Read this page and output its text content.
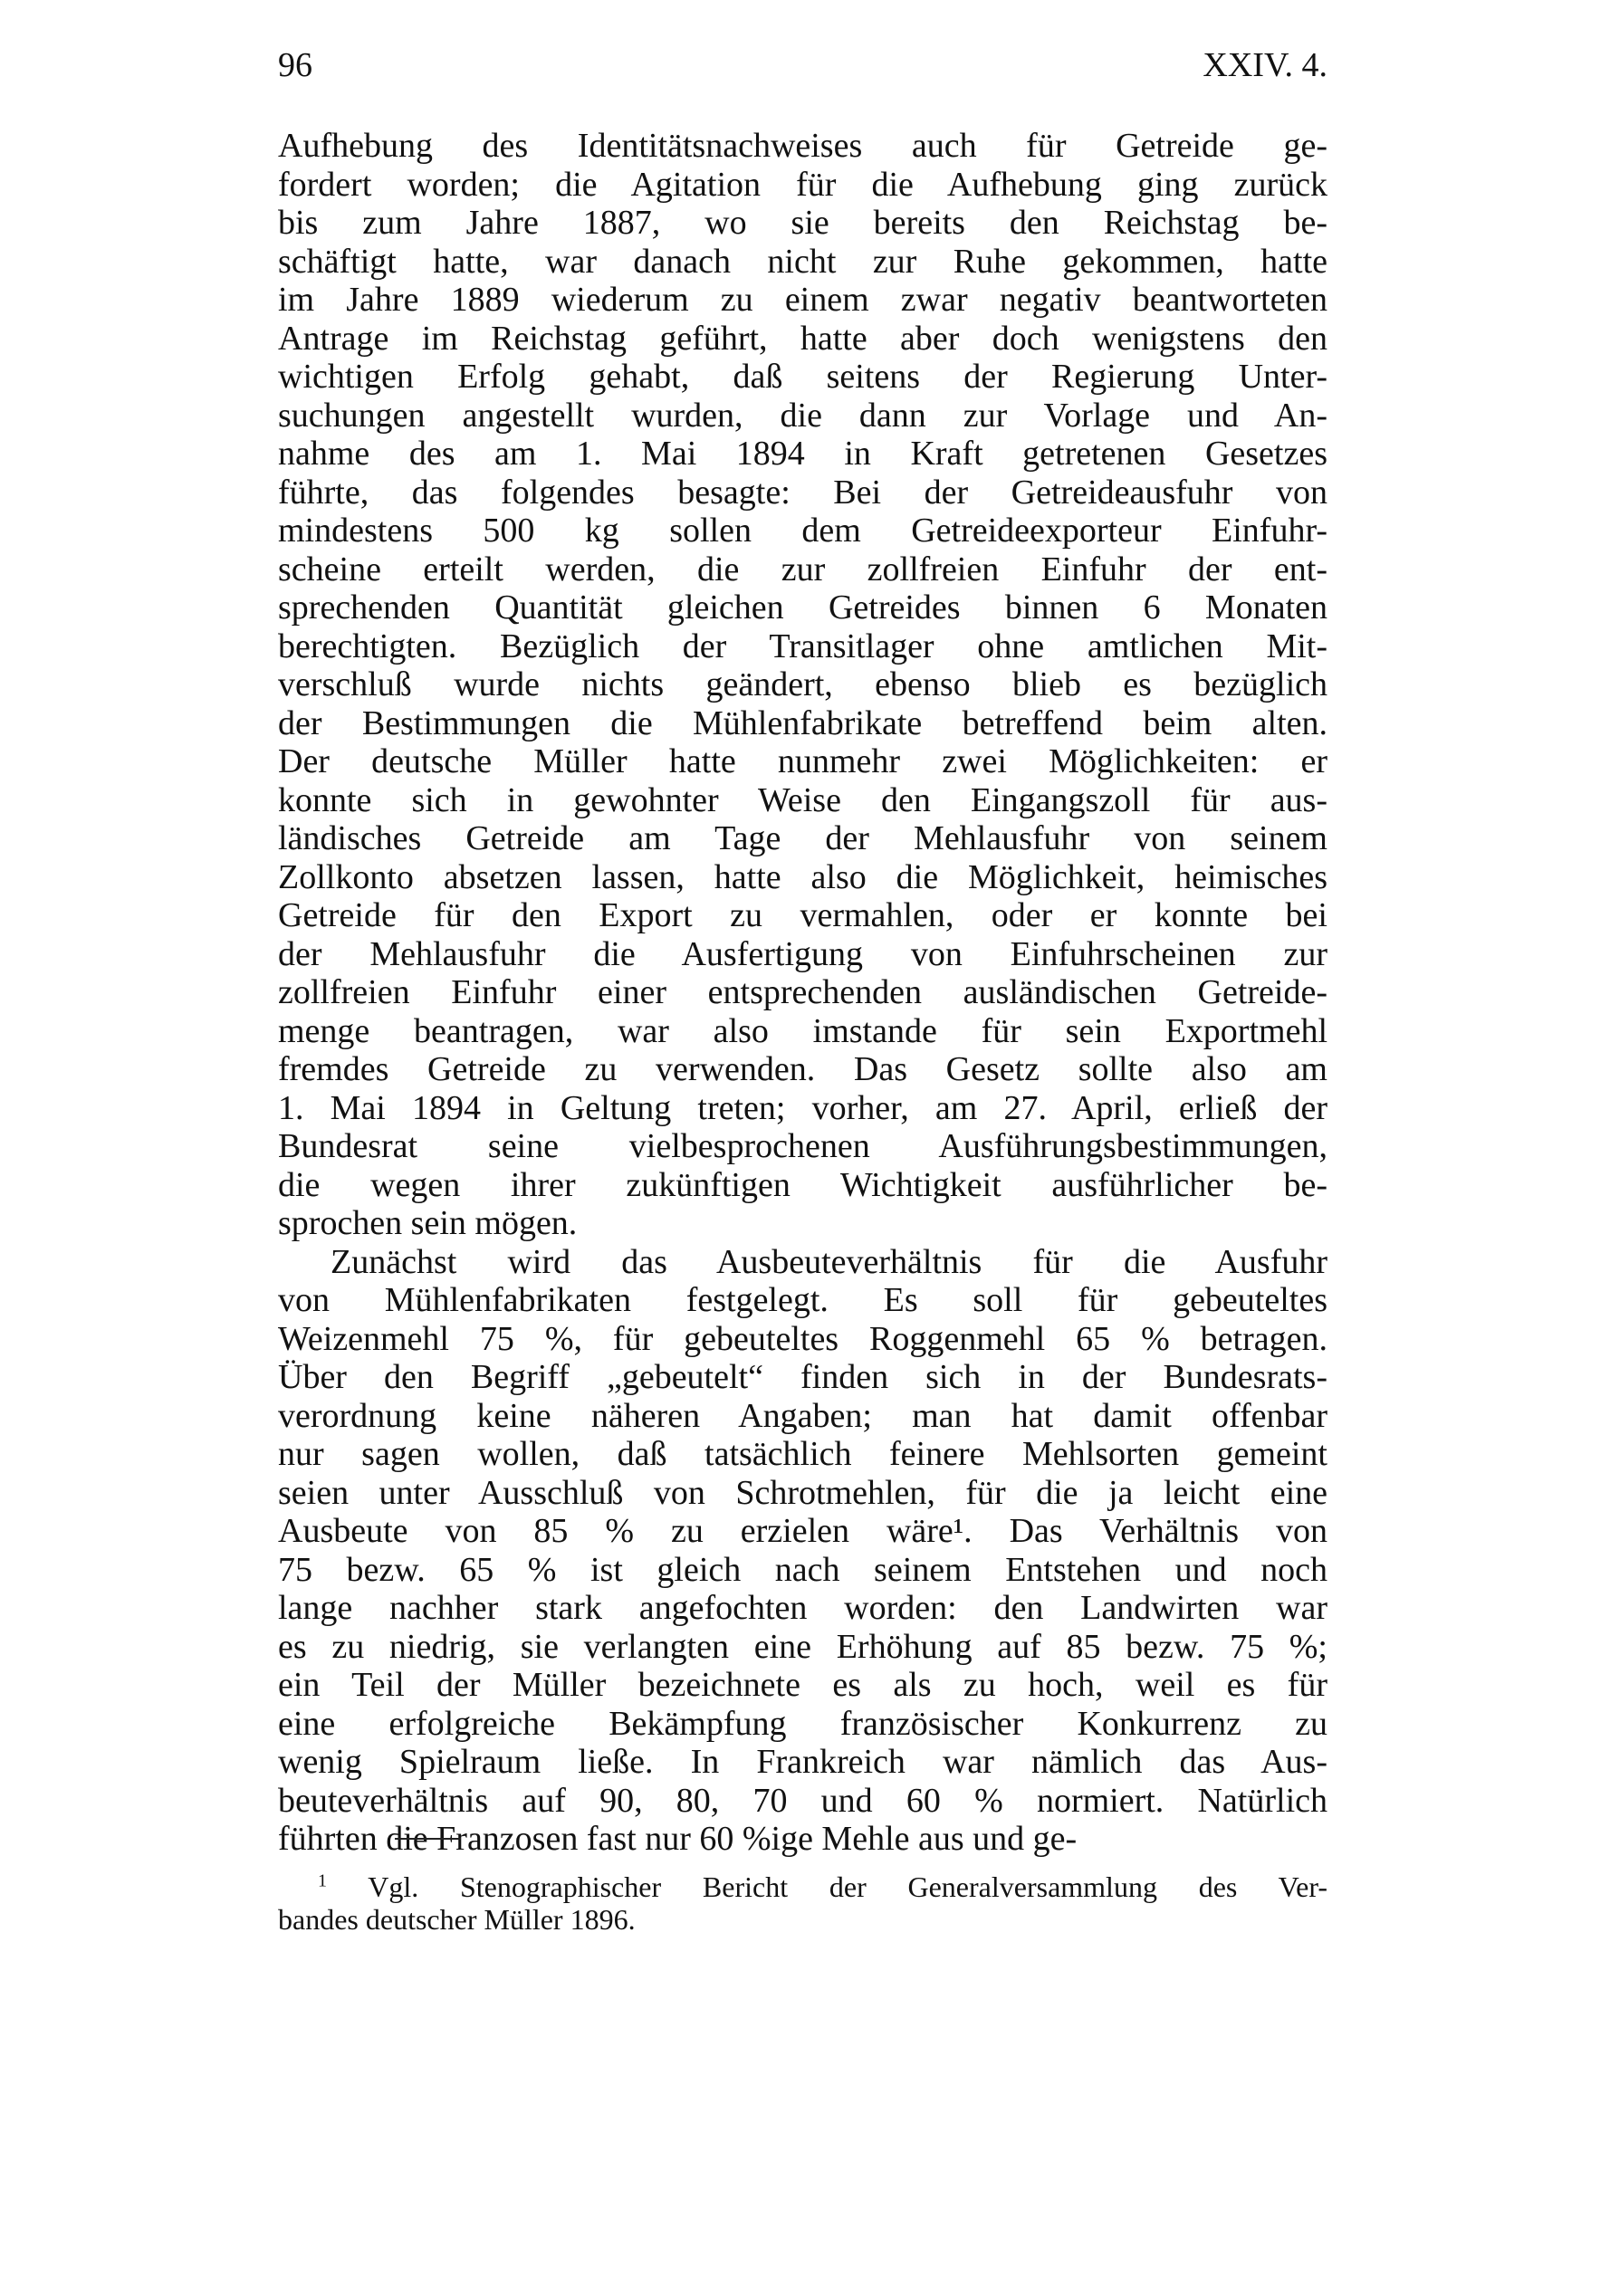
96	XXIV. 4.
Aufhebung des Identitätsnachweises auch für Getreide ge-
fordert worden; die Agitation für die Aufhebung ging zurück
bis zum Jahre 1887, wo sie bereits den Reichstag be-
schäftigt hatte, war danach nicht zur Ruhe gekommen, hatte
im Jahre 1889 wiederum zu einem zwar negativ beantworteten
Antrage im Reichstag geführt, hatte aber doch wenigstens den
wichtigen Erfolg gehabt, daß seitens der Regierung Unter-
suchungen angestellt wurden, die dann zur Vorlage und An-
nahme des am 1. Mai 1894 in Kraft getretenen Gesetzes
führte, das folgendes besagte: Bei der Getreideausfuhr von
mindestens 500 kg sollen dem Getreideexporteur Einfuhr-
scheine erteilt werden, die zur zollfreien Einfuhr der ent-
sprechenden Quantität gleichen Getreides binnen 6 Monaten
berechtigten. Bezüglich der Transitlager ohne amtlichen Mit-
verschluß wurde nichts geändert, ebenso blieb es bezüglich
der Bestimmungen die Mühlenfabrikate betreffend beim alten.
Der deutsche Müller hatte nunmehr zwei Möglichkeiten: er
konnte sich in gewohnter Weise den Eingangszoll für aus-
ländisches Getreide am Tage der Mehlausfuhr von seinem
Zollkonto absetzen lassen, hatte also die Möglichkeit, heimisches
Getreide für den Export zu vermahlen, oder er konnte bei
der Mehlausfuhr die Ausfertigung von Einfuhrscheinen zur
zollfreien Einfuhr einer entsprechenden ausländischen Getreide-
menge beantragen, war also imstande für sein Exportmehl
fremdes Getreide zu verwenden. Das Gesetz sollte also am
1. Mai 1894 in Geltung treten; vorher, am 27. April, erließ der
Bundesrat seine vielbesprochenen Ausführungsbestimmungen,
die wegen ihrer zukünftigen Wichtigkeit ausführlicher be-
sprochen sein mögen.
Zunächst wird das Ausbeuteverhältnis für die Ausfuhr
von Mühlenfabrikaten festgelegt. Es soll für gebeuteltes
Weizenmehl 75 %, für gebeuteltes Roggenmehl 65 % betragen.
Über den Begriff „gebeutelt“ finden sich in der Bundesrats-
verordnung keine näheren Angaben; man hat damit offenbar
nur sagen wollen, daß tatsächlich feinere Mehlsorten gemeint
seien unter Ausschluß von Schrotmehlen, für die ja leicht eine
Ausbeute von 85 % zu erzielen wäre¹. Das Verhältnis von
75 bezw. 65 % ist gleich nach seinem Entstehen und noch
lange nachher stark angefochten worden: den Landwirten war
es zu niedrig, sie verlangten eine Erhöhung auf 85 bezw. 75 %;
ein Teil der Müller bezeichnete es als zu hoch, weil es für
eine erfolgreiche Bekämpfung französischer Konkurrenz zu
wenig Spielraum ließe. In Frankreich war nämlich das Aus-
beuteverhältnis auf 90, 80, 70 und 60 % normiert. Natürlich
führten die Franzosen fast nur 60 %ige Mehle aus und ge-
$^1$ Vgl. Stenographischer Bericht der Generalversammlung des Ver-
bandes deutscher Müller 1896.
